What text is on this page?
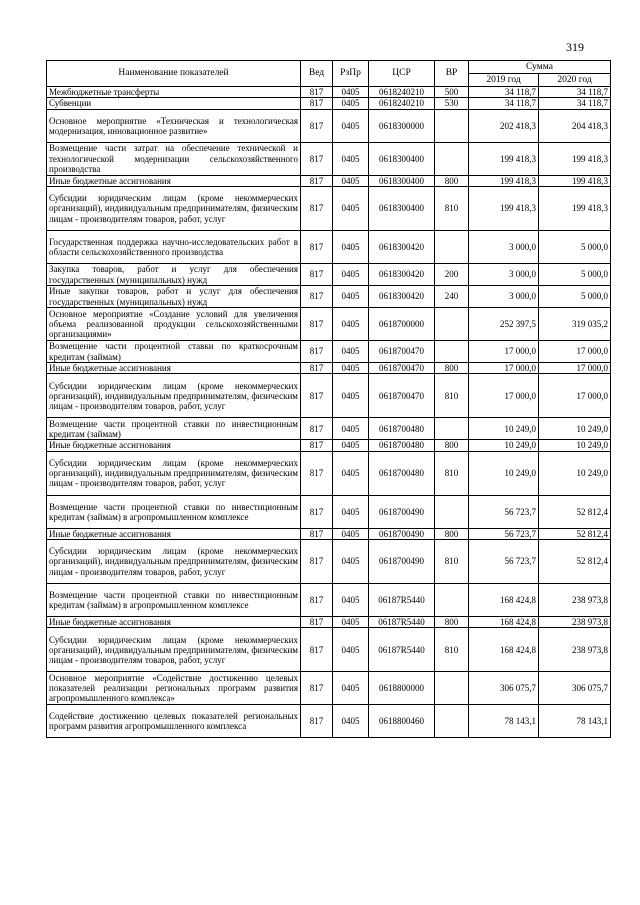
319
Наименование показателей	Вед	РзПр	ЦСР	ВР	Сумма	
					2019 год	2020 год
Межбюджетные трансферты	817	0405	0618240210	500	34 118,7	34 118,7
Субвенции	817	0405	0618240210	530	34 118,7	34 118,7
Основное мероприятие «Техническая и технологическая модернизация, инновационное развитие»	817	0405	0618300000		202 418,3	204 418,3
Возмещение части затрат на обеспечение технической и технологической модернизации сельскохозяйственного производства	817	0405	0618300400		199 418,3	199 418,3
Иные бюджетные ассигнования	817	0405	0618300400	800	199 418,3	199 418,3
Субсидии юридическим лицам (кроме некоммерческих организаций), индивидуальным предпринимателям, физическим лицам - производителям товаров, работ, услуг	817	0405	0618300400	810	199 418,3	199 418,3
Государственная поддержка научно-исследовательских работ в области сельскохозяйственного производства	817	0405	0618300420		3 000,0	5 000,0
Закупка товаров, работ и услуг для обеспечения государственных (муниципальных) нужд	817	0405	0618300420	200	3 000,0	5 000,0
Иные закупки товаров, работ и услуг для обеспечения государственных (муниципальных) нужд	817	0405	0618300420	240	3 000,0	5 000,0
Основное мероприятие «Создание условий для увеличения объема реализованной продукции сельскохозяйственными организациями»	817	0405	0618700000		252 397,5	319 035,2
Возмещение части процентной ставки по краткосрочным кредитам (займам)	817	0405	0618700470		17 000,0	17 000,0
Иные бюджетные ассигнования	817	0405	0618700470	800	17 000,0	17 000,0
Субсидии юридическим лицам (кроме некоммерческих организаций), индивидуальным предпринимателям, физическим лицам - производителям товаров, работ, услуг	817	0405	0618700470	810	17 000,0	17 000,0
Возмещение части процентной ставки по инвестиционным кредитам (займам)	817	0405	0618700480		10 249,0	10 249,0
Иные бюджетные ассигнования	817	0405	0618700480	800	10 249,0	10 249,0
Субсидии юридическим лицам (кроме некоммерческих организаций), индивидуальным предпринимателям, физическим лицам - производителям товаров, работ, услуг	817	0405	0618700480	810	10 249,0	10 249,0
Возмещение части процентной ставки по инвестиционным кредитам (займам) в агропромышленном комплексе	817	0405	0618700490		56 723,7	52 812,4
Иные бюджетные ассигнования	817	0405	0618700490	800	56 723,7	52 812,4
Субсидии юридическим лицам (кроме некоммерческих организаций), индивидуальным предпринимателям, физическим лицам - производителям товаров, работ, услуг	817	0405	0618700490	810	56 723,7	52 812,4
Возмещение части процентной ставки по инвестиционным кредитам (займам) в агропромышленном комплексе	817	0405	06187R5440		168 424,8	238 973,8
Иные бюджетные ассигнования	817	0405	06187R5440	800	168 424,8	238 973,8
Субсидии юридическим лицам (кроме некоммерческих организаций), индивидуальным предпринимателям, физическим лицам - производителям товаров, работ, услуг	817	0405	06187R5440	810	168 424,8	238 973,8
Основное мероприятие «Содействие достижению целевых показателей реализации региональных программ развития агропромышленного комплекса»	817	0405	0618800000		306 075,7	306 075,7
Содействие достижению целевых показателей региональных программ развития агропромышленного комплекса	817	0405	0618800460		78 143,1	78 143,1
